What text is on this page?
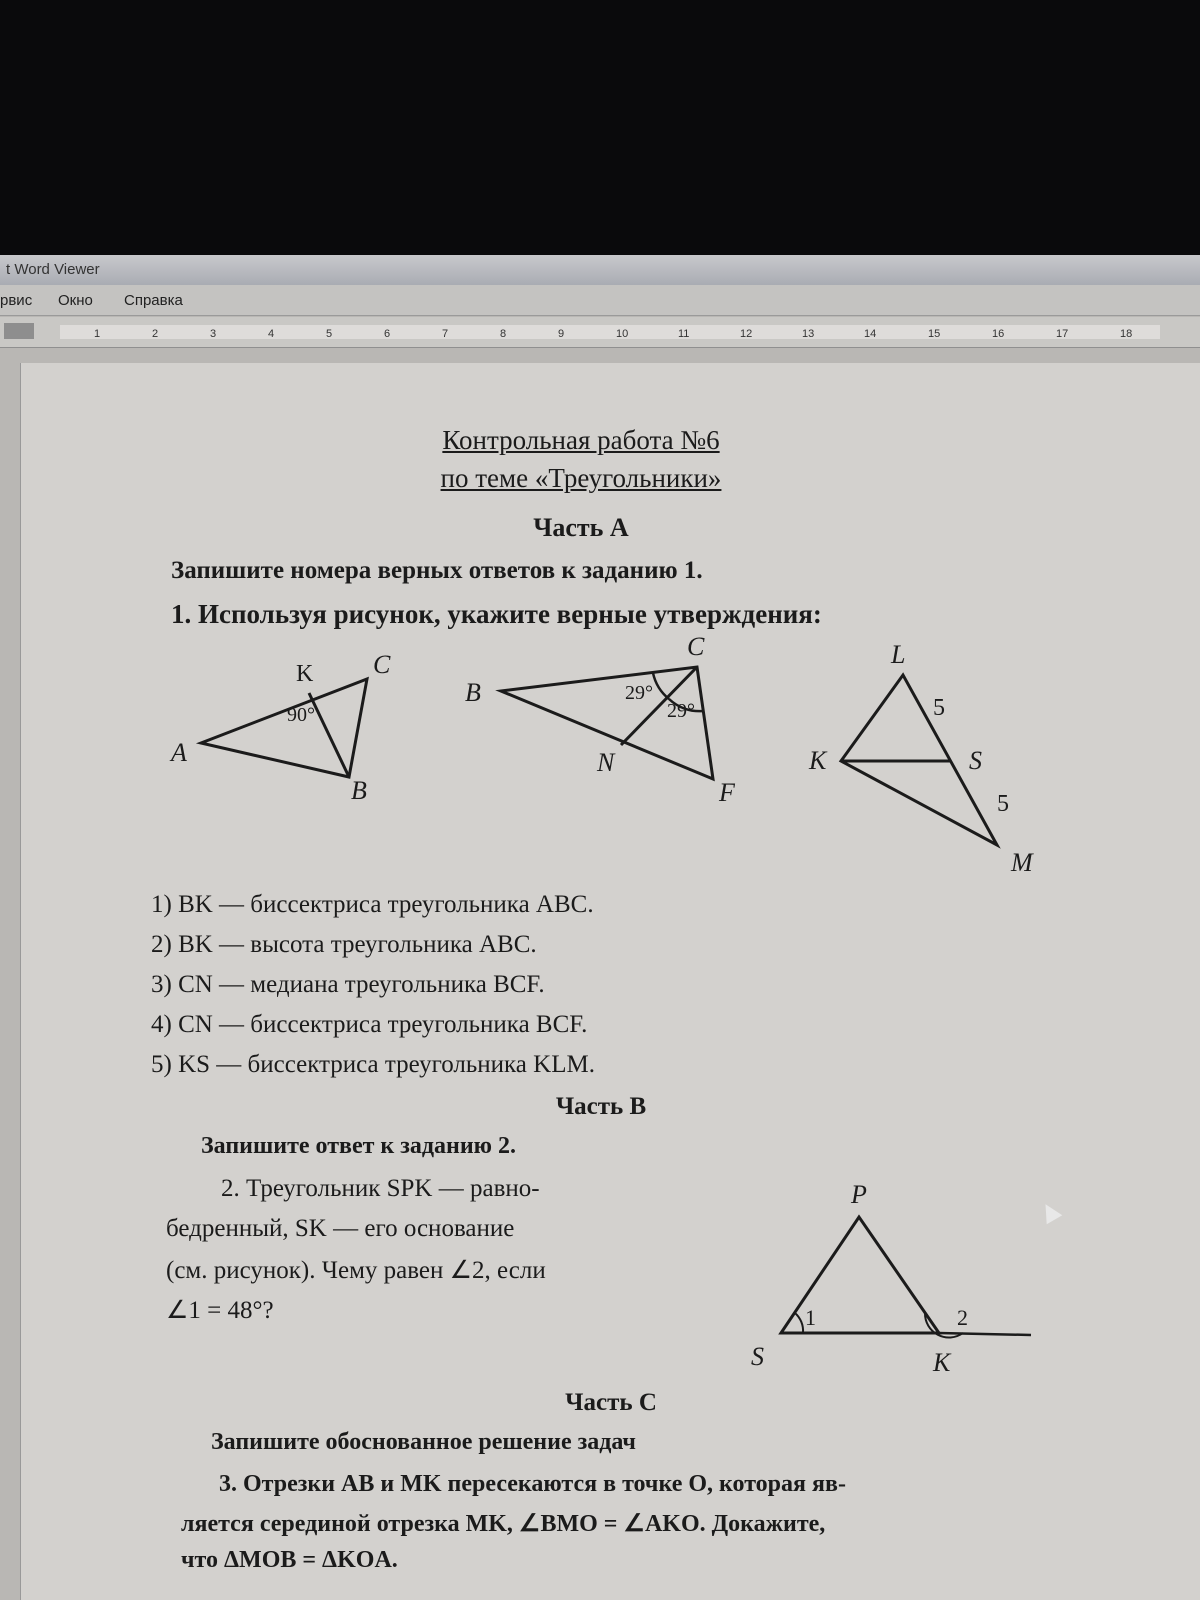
t Word Viewer
рвис Окно Справка
1	2	3	4	5	6	7	8	9	10	11	12	13	14	15	16	17	18
Контрольная работа №6
по теме «Треугольники»
Часть А
Запишите номера верных ответов к заданию 1.
1. Используя рисунок, укажите верные утверждения:
K C
A
B
90°
B
C
N
F
29°
29°
L
K	S
M
5
5
1) BK — биссектриса треугольника ABC.
2) BK — высота треугольника ABC.
3) CN — медиана треугольника BCF.
4) CN — биссектриса треугольника BCF.
5) KS — биссектриса треугольника KLM.
Часть В
Запишите ответ к заданию 2.
2. Треугольник SPK — равно-
бедренный, SK — его основание
(см. рисунок). Чему равен ∠2, если
∠1 = 48°?
P
S	K
1	2
Часть С
Запишите обоснованное решение задач
3. Отрезки AB и MK пересекаются в точке O, которая яв-
ляется серединой отрезка MK, ∠BMO = ∠AKO. Докажите,
что ΔMOB = ΔKOA.
